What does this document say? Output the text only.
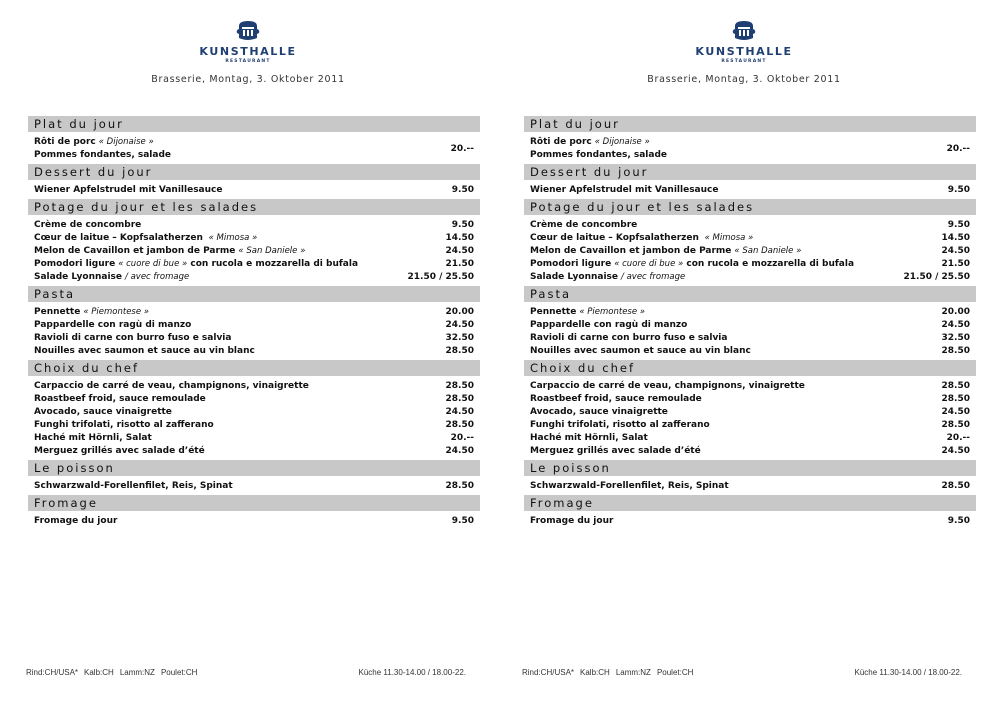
KUNSTHALLE
RESTAURANT
Brasserie, Montag, 3. Oktober 2011
Plat du jour
Rôti de porc « Dijonaise »
Pommes fondantes, salade
20.--
Dessert du jour
Wiener Apfelstrudel mit Vanillesauce	9.50
Potage du jour et les salades
Crème de concombre	9.50
Cœur de laitue – Kopfsalatherzen « Mimosa »	14.50
Melon de Cavaillon et jambon de Parme « San Daniele »	24.50
Pomodori ligure « cuore di bue » con rucola e mozzarella di bufala	21.50
Salade Lyonnaise / avec fromage	21.50 / 25.50
Pasta
Pennette « Piemontese »	20.00
Pappardelle con ragù di manzo	24.50
Ravioli di carne con burro fuso e salvia	32.50
Nouilles avec saumon et sauce au vin blanc	28.50
Choix du chef
Carpaccio de carré de veau, champignons, vinaigrette	28.50
Roastbeef froid, sauce remoulade	28.50
Avocado, sauce vinaigrette	24.50
Funghi trifolati, risotto al zafferano	28.50
Haché mit Hörnli, Salat	20.--
Merguez grillés avec salade d’été	24.50
Le poisson
Schwarzwald-Forellenfilet, Reis, Spinat	28.50
Fromage
Fromage du jour	9.50
Rind:CH/USA* Kalb:CH Lamm:NZ Poulet:CH	Küche 11.30-14.00 / 18.00-22.
KUNSTHALLE
RESTAURANT
Brasserie, Montag, 3. Oktober 2011
Plat du jour
Rôti de porc « Dijonaise »
Pommes fondantes, salade
20.--
Dessert du jour
Wiener Apfelstrudel mit Vanillesauce	9.50
Potage du jour et les salades
Crème de concombre	9.50
Cœur de laitue – Kopfsalatherzen « Mimosa »	14.50
Melon de Cavaillon et jambon de Parme « San Daniele »	24.50
Pomodori ligure « cuore di bue » con rucola e mozzarella di bufala	21.50
Salade Lyonnaise / avec fromage	21.50 / 25.50
Pasta
Pennette « Piemontese »	20.00
Pappardelle con ragù di manzo	24.50
Ravioli di carne con burro fuso e salvia	32.50
Nouilles avec saumon et sauce au vin blanc	28.50
Choix du chef
Carpaccio de carré de veau, champignons, vinaigrette	28.50
Roastbeef froid, sauce remoulade	28.50
Avocado, sauce vinaigrette	24.50
Funghi trifolati, risotto al zafferano	28.50
Haché mit Hörnli, Salat	20.--
Merguez grillés avec salade d’été	24.50
Le poisson
Schwarzwald-Forellenfilet, Reis, Spinat	28.50
Fromage
Fromage du jour	9.50
Rind:CH/USA* Kalb:CH Lamm:NZ Poulet:CH	Küche 11.30-14.00 / 18.00-22.
